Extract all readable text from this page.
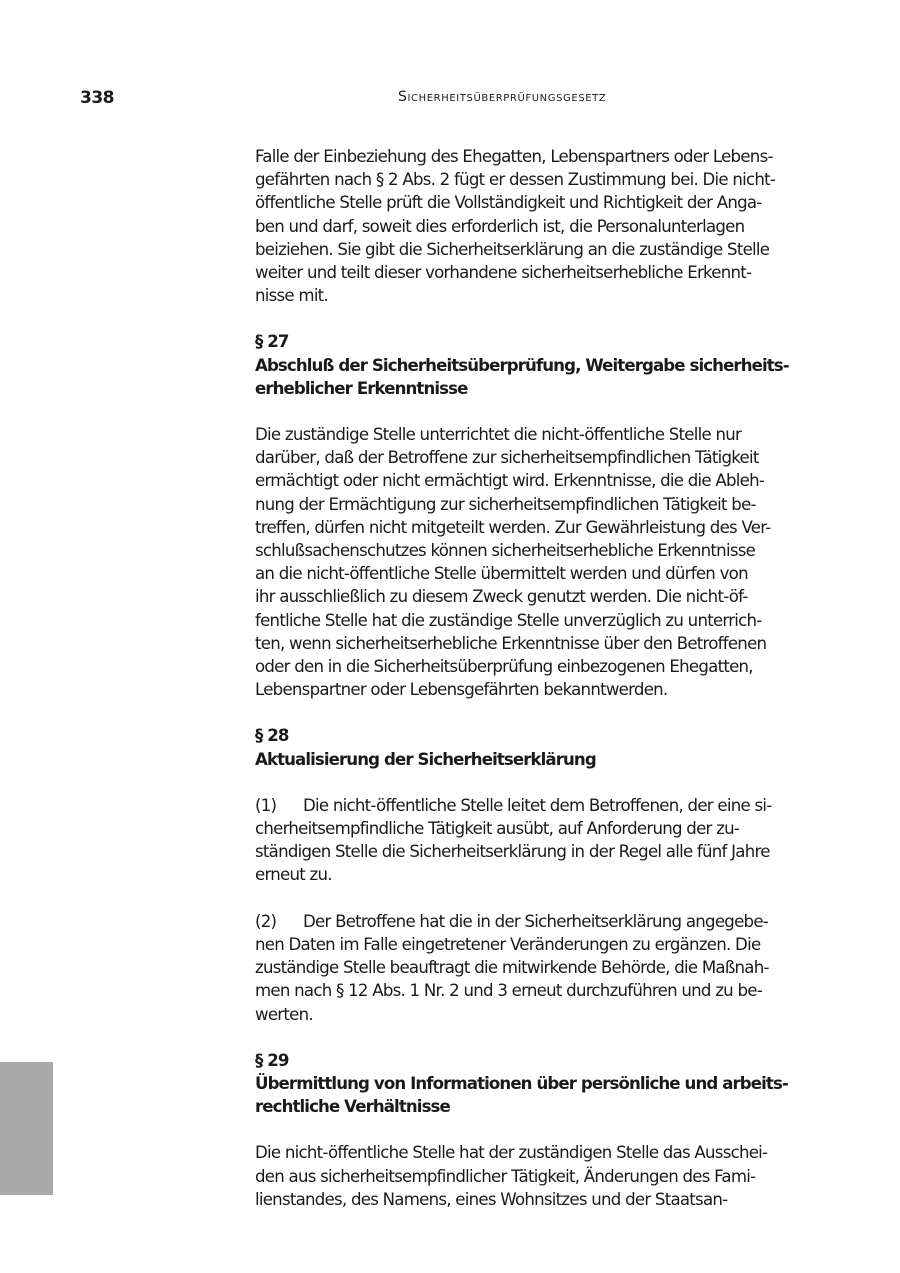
338	sicherheitsüberprüfungsgesetz
Falle der Einbeziehung des Ehegatten, Lebenspartners oder Lebens-
gefährten nach § 2 Abs. 2 fügt er dessen Zustimmung bei. Die nicht-
öffentliche Stelle prüft die Vollständigkeit und Richtigkeit der Anga-
ben und darf, soweit dies erforderlich ist, die Personalunterlagen
beiziehen. Sie gibt die Sicherheitserklärung an die zuständige Stelle
weiter und teilt dieser vorhandene sicherheitserhebliche Erkennt-
nisse mit.
§ 27
Abschluß der Sicherheitsüberprüfung, Weitergabe sicherheits-
erheblicher Erkenntnisse
Die zuständige Stelle unterrichtet die nicht-öffentliche Stelle nur
darüber, daß der Betroffene zur sicherheitsempfindlichen Tätigkeit
ermächtigt oder nicht ermächtigt wird. Erkenntnisse, die die Ableh-
nung der Ermächtigung zur sicherheitsempfindlichen Tätigkeit be-
treffen, dürfen nicht mitgeteilt werden. Zur Gewährleistung des Ver-
schlußsachenschutzes können sicherheitserhebliche Erkenntnisse
an die nicht-öffentliche Stelle übermittelt werden und dürfen von
ihr ausschließlich zu diesem Zweck genutzt werden. Die nicht-öf-
fentliche Stelle hat die zuständige Stelle unverzüglich zu unterrich-
ten, wenn sicherheitserhebliche Erkenntnisse über den Betroffenen
oder den in die Sicherheitsüberprüfung einbezogenen Ehegatten,
Lebenspartner oder Lebensgefährten bekanntwerden.
§ 28
Aktualisierung der Sicherheitserklärung
(1) Die nicht-öffentliche Stelle leitet dem Betroffenen, der eine si-
cherheitsempfindliche Tätigkeit ausübt, auf Anforderung der zu-
ständigen Stelle die Sicherheitserklärung in der Regel alle fünf Jahre
erneut zu.
(2) Der Betroffene hat die in der Sicherheitserklärung angegebe-
nen Daten im Falle eingetretener Veränderungen zu ergänzen. Die
zuständige Stelle beauftragt die mitwirkende Behörde, die Maßnah-
men nach § 12 Abs. 1 Nr. 2 und 3 erneut durchzuführen und zu be-
werten.
§ 29
Übermittlung von Informationen über persönliche und arbeits-
rechtliche Verhältnisse
Die nicht-öffentliche Stelle hat der zuständigen Stelle das Ausschei-
den aus sicherheitsempfindlicher Tätigkeit, Änderungen des Fami-
lienstandes, des Namens, eines Wohnsitzes und der Staatsan-
